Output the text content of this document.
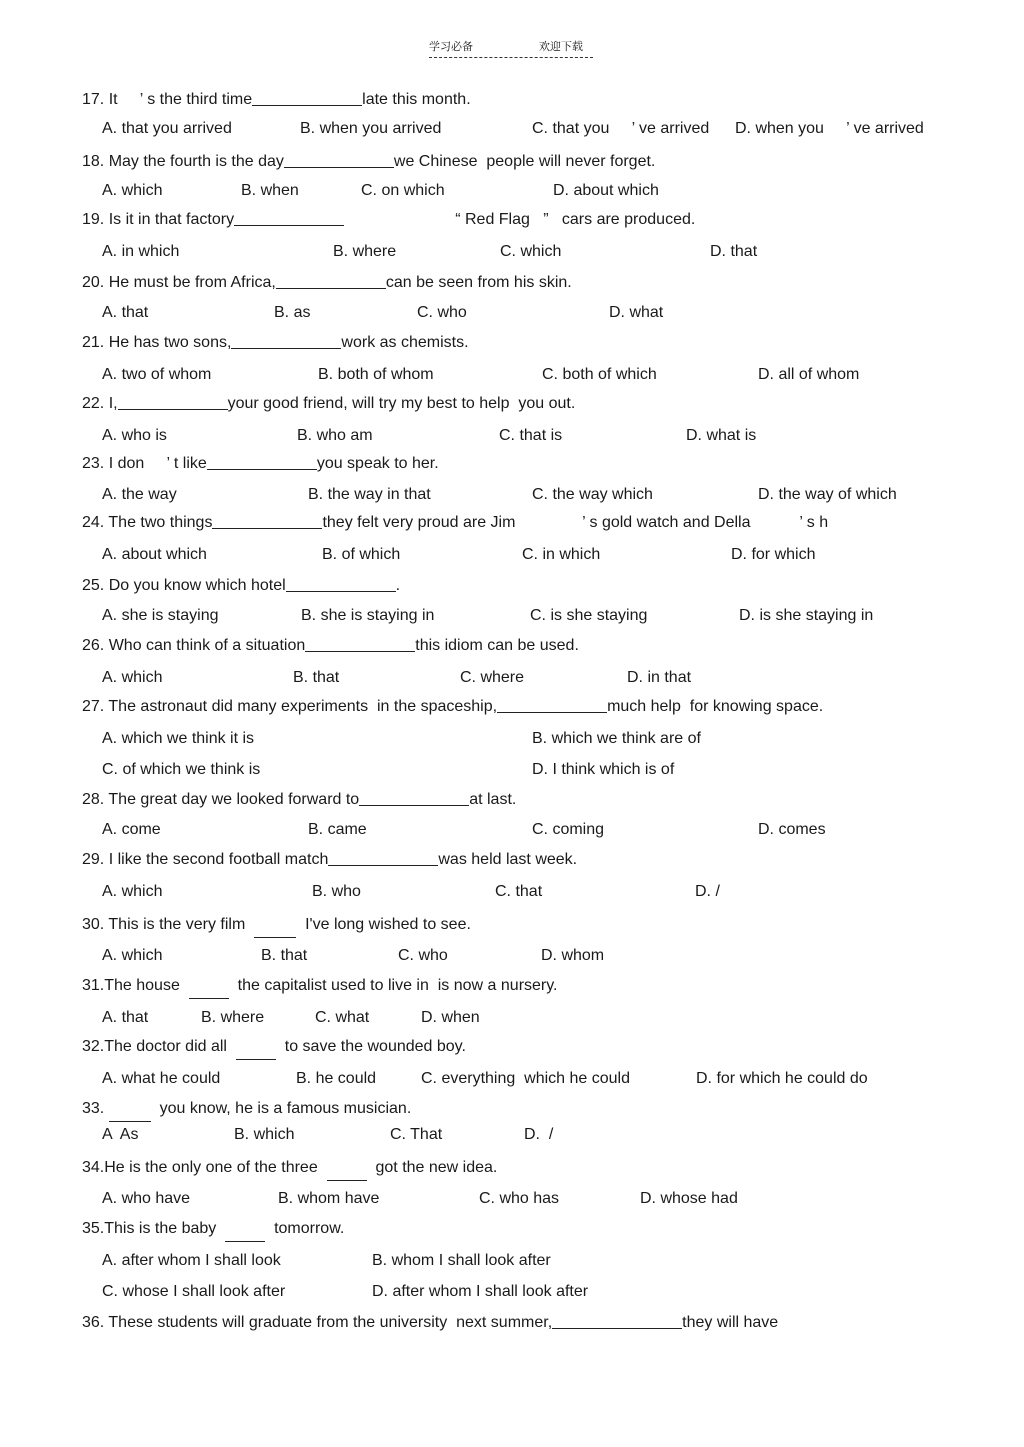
学习必备	欢迎下载
17. It     ’ s the third time	late this month.
A. that you arrived	B. when you arrived	C. that you     ’ ve arrived D. when you     ’ ve arrived
18. May the fourth is the day	we Chinese  people will never forget.
A. which	B. when	C. on which	D. about which
19. Is it in that factory	“ Red Flag   ”   cars are produced.
A. in which	B. where	C. which	D. that
20. He must be from Africa,	can be seen from his skin.
A. that	B. as	C. who	D. what
21. He has two sons,	work as chemists.
A. two of whom	B. both of whom	C. both of which	D. all of whom
22. I,	your good friend, will try my best to help  you out.
A. who is	B. who am	C. that is	D. what is
23. I don     ’ t like	you speak to her.
A. the way	B. the way in that	C. the way which	D. the way of which
24. The two things	they felt very proud are Jim               ’ s gold watch and Della           ’ s h
A. about which	B. of which	C. in which	D. for which
25. Do you know which hotel	.
A. she is staying	B. she is staying in	C. is she staying	D. is she staying in
26. Who can think of a situation	this idiom can be used.
A. which	B. that	C. where	D. in that
27. The astronaut did many experiments  in the spaceship,	much help  for knowing space.
A. which we think it is	B. which we think are of
C. of which we think is	D. I think which is of
28. The great day we looked forward to	at last.
A. come	B. came	C. coming	D. comes
29. I like the second football match	was held last week.
A. which	B. who	C. that	D. /
30. This is the very film	I've long wished to see.
A. which	B. that	C. who	D. whom
31.The house	the capitalist used to live in  is now a nursery.
A. that	B. where	C. what	D. when
32.The doctor did all	to save the wounded boy.
A. what he could	B. he could	C. everything  which he could	D. for which he could do
33.	you know, he is a famous musician.
A  As	B. which	C. That	D.  /
34.He is the only one of the three	got the new idea.
A. who have	B. whom have	C. who has	D. whose had
35.This is the baby	tomorrow.
A. after whom I shall look	B. whom I shall look after
C. whose I shall look after	D. after whom I shall look after
36. These students will graduate from the university  next summer,	they will have
